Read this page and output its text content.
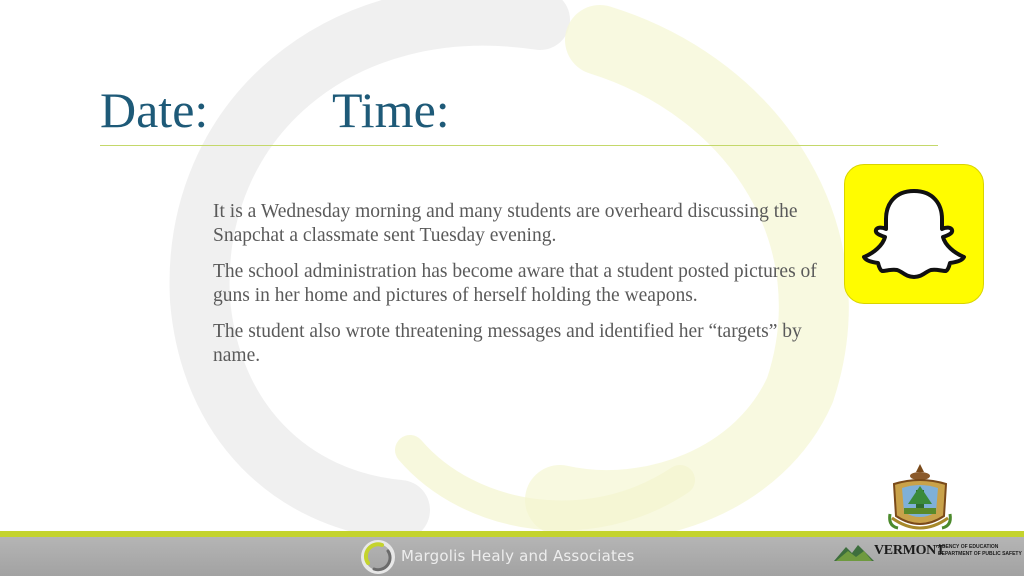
Date: Time:

It is a Wednesday morning and many students are overheard discussing the Snapchat a classmate sent Tuesday evening.

The school administration has become aware that a student posted pictures of guns in her home and pictures of herself holding the weapons.

The student also wrote threatening messages and identified her “targets” by name.

Margolis Healy and Associates	VERMONT
AGENCY OF EDUCATION
DEPARTMENT OF PUBLIC SAFETY
